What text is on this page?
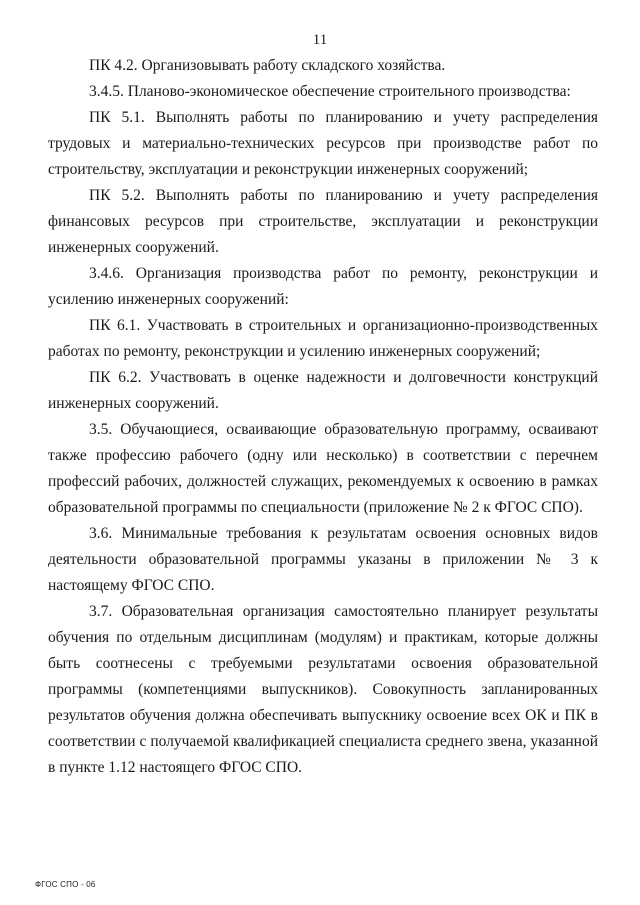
11

ПК 4.2. Организовывать работу складского хозяйства.

3.4.5. Планово-экономическое обеспечение строительного производства:

ПК 5.1. Выполнять работы по планированию и учету распределения трудовых и материально-технических ресурсов при производстве работ по строительству, эксплуатации и реконструкции инженерных сооружений;

ПК 5.2. Выполнять работы по планированию и учету распределения финансовых ресурсов при строительстве, эксплуатации и реконструкции инженерных сооружений.

3.4.6. Организация производства работ по ремонту, реконструкции и усилению инженерных сооружений:

ПК 6.1. Участвовать в строительных и организационно-производственных работах по ремонту, реконструкции и усилению инженерных сооружений;

ПК 6.2. Участвовать в оценке надежности и долговечности конструкций инженерных сооружений.

3.5. Обучающиеся, осваивающие образовательную программу, осваивают также профессию рабочего (одну или несколько) в соответствии с перечнем профессий рабочих, должностей служащих, рекомендуемых к освоению в рамках образовательной программы по специальности (приложение № 2 к ФГОС СПО).

3.6. Минимальные требования к результатам освоения основных видов деятельности образовательной программы указаны в приложении № 3 к настоящему ФГОС СПО.

3.7. Образовательная организация самостоятельно планирует результаты обучения по отдельным дисциплинам (модулям) и практикам, которые должны быть соотнесены с требуемыми результатами освоения образовательной программы (компетенциями выпускников). Совокупность запланированных результатов обучения должна обеспечивать выпускнику освоение всех ОК и ПК в соответствии с получаемой квалификацией специалиста среднего звена, указанной в пункте 1.12 настоящего ФГОС СПО.

ФГОС СПО - 06
